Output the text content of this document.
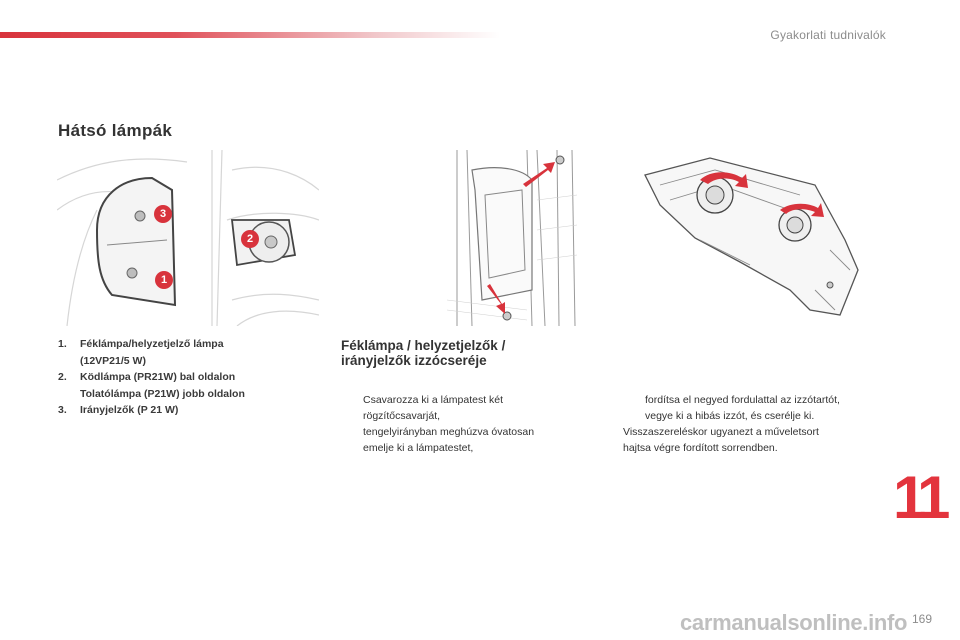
Gyakorlati tudnivalók
Hátsó lámpák
3
2
1
1.	Féklámpa/helyzetjelző lámpa
(12VP21/5 W)
2.	Ködlámpa (PR21W) bal oldalon
Tolatólámpa (P21W) jobb oldalon
3.	Irányjelzők (P 21 W)
Féklámpa / helyzetjelzők /
irányjelzők izzócseréje
Csavarozza ki a lámpatest két
rögzítőcsavarját,
tengelyirányban meghúzva óvatosan
emelje ki a lámpatestet,
fordítsa el negyed fordulattal az izzótartót,
vegye ki a hibás izzót, és cserélje ki.
Visszaszereléskor ugyanezt a műveletsort
hajtsa végre fordított sorrendben.
11
carmanualsonline.info 169
